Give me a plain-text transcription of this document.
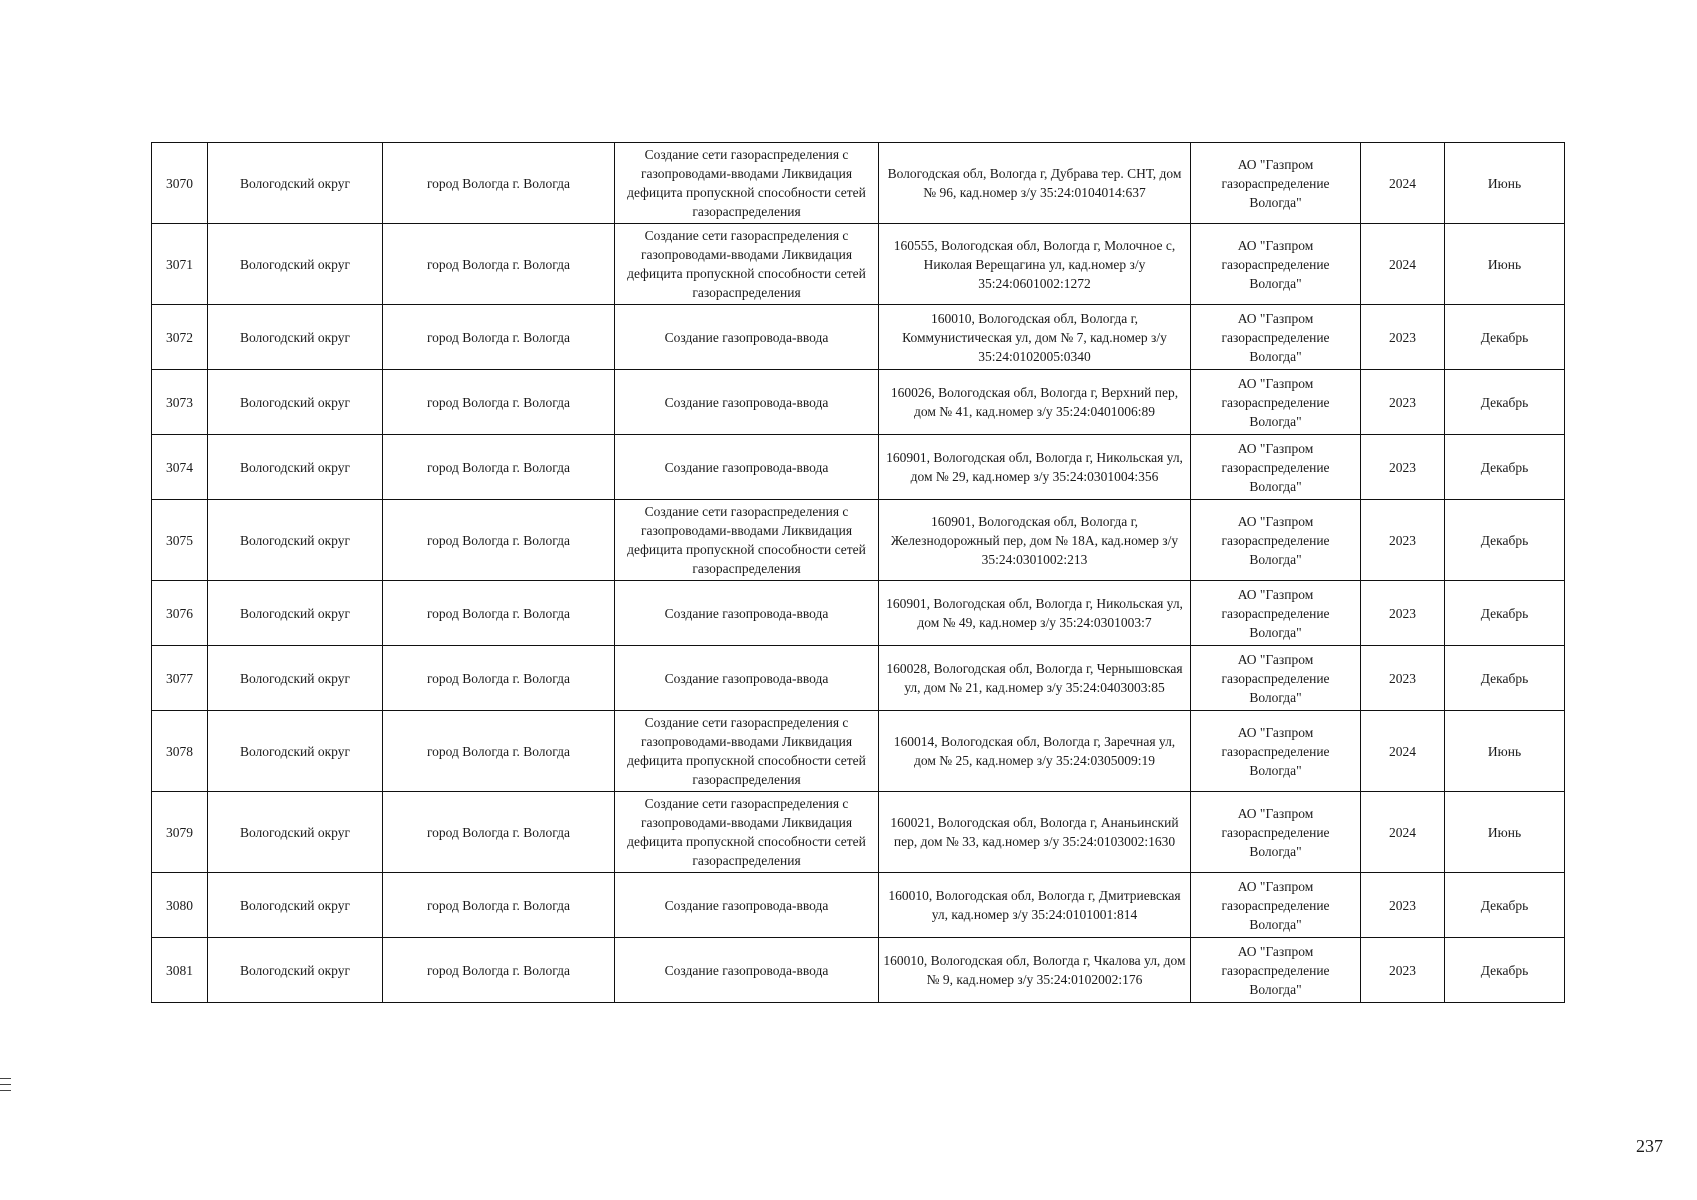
3070	Вологодский округ	город Вологда г. Вологда	Создание сети газораспределения с газопроводами-вводами Ликвидация дефицита пропускной способности сетей газораспределения	Вологодская обл, Вологда г, Дубрава тер. СНТ, дом № 96, кад.номер з/у 35:24:0104014:637	АО "Газпром газораспределение Вологда"	2024	Июнь
3071	Вологодский округ	город Вологда г. Вологда	Создание сети газораспределения с газопроводами-вводами Ликвидация дефицита пропускной способности сетей газораспределения	160555, Вологодская обл, Вологда г, Молочное с, Николая Верещагина ул, кад.номер з/у 35:24:0601002:1272	АО "Газпром газораспределение Вологда"	2024	Июнь
3072	Вологодский округ	город Вологда г. Вологда	Создание газопровода-ввода	160010, Вологодская обл, Вологда г, Коммунистическая ул, дом № 7, кад.номер з/у 35:24:0102005:0340	АО "Газпром газораспределение Вологда"	2023	Декабрь
3073	Вологодский округ	город Вологда г. Вологда	Создание газопровода-ввода	160026, Вологодская обл, Вологда г, Верхний пер, дом № 41, кад.номер з/у 35:24:0401006:89	АО "Газпром газораспределение Вологда"	2023	Декабрь
3074	Вологодский округ	город Вологда г. Вологда	Создание газопровода-ввода	160901, Вологодская обл, Вологда г, Никольская ул, дом № 29, кад.номер з/у 35:24:0301004:356	АО "Газпром газораспределение Вологда"	2023	Декабрь
3075	Вологодский округ	город Вологда г. Вологда	Создание сети газораспределения с газопроводами-вводами Ликвидация дефицита пропускной способности сетей газораспределения	160901, Вологодская обл, Вологда г, Железнодорожный пер, дом № 18А, кад.номер з/у 35:24:0301002:213	АО "Газпром газораспределение Вологда"	2023	Декабрь
3076	Вологодский округ	город Вологда г. Вологда	Создание газопровода-ввода	160901, Вологодская обл, Вологда г, Никольская ул, дом № 49, кад.номер з/у 35:24:0301003:7	АО "Газпром газораспределение Вологда"	2023	Декабрь
3077	Вологодский округ	город Вологда г. Вологда	Создание газопровода-ввода	160028, Вологодская обл, Вологда г, Чернышовская ул, дом № 21, кад.номер з/у 35:24:0403003:85	АО "Газпром газораспределение Вологда"	2023	Декабрь
3078	Вологодский округ	город Вологда г. Вологда	Создание сети газораспределения с газопроводами-вводами Ликвидация дефицита пропускной способности сетей газораспределения	160014, Вологодская обл, Вологда г, Заречная ул, дом № 25, кад.номер з/у 35:24:0305009:19	АО "Газпром газораспределение Вологда"	2024	Июнь
3079	Вологодский округ	город Вологда г. Вологда	Создание сети газораспределения с газопроводами-вводами Ликвидация дефицита пропускной способности сетей газораспределения	160021, Вологодская обл, Вологда г, Ананьинский пер, дом № 33, кад.номер з/у 35:24:0103002:1630	АО "Газпром газораспределение Вологда"	2024	Июнь
3080	Вологодский округ	город Вологда г. Вологда	Создание газопровода-ввода	160010, Вологодская обл, Вологда г, Дмитриевская ул, кад.номер з/у 35:24:0101001:814	АО "Газпром газораспределение Вологда"	2023	Декабрь
3081	Вологодский округ	город Вологда г. Вологда	Создание газопровода-ввода	160010, Вологодская обл, Вологда г, Чкалова ул, дом № 9, кад.номер з/у 35:24:0102002:176	АО "Газпром газораспределение Вологда"	2023	Декабрь
237
